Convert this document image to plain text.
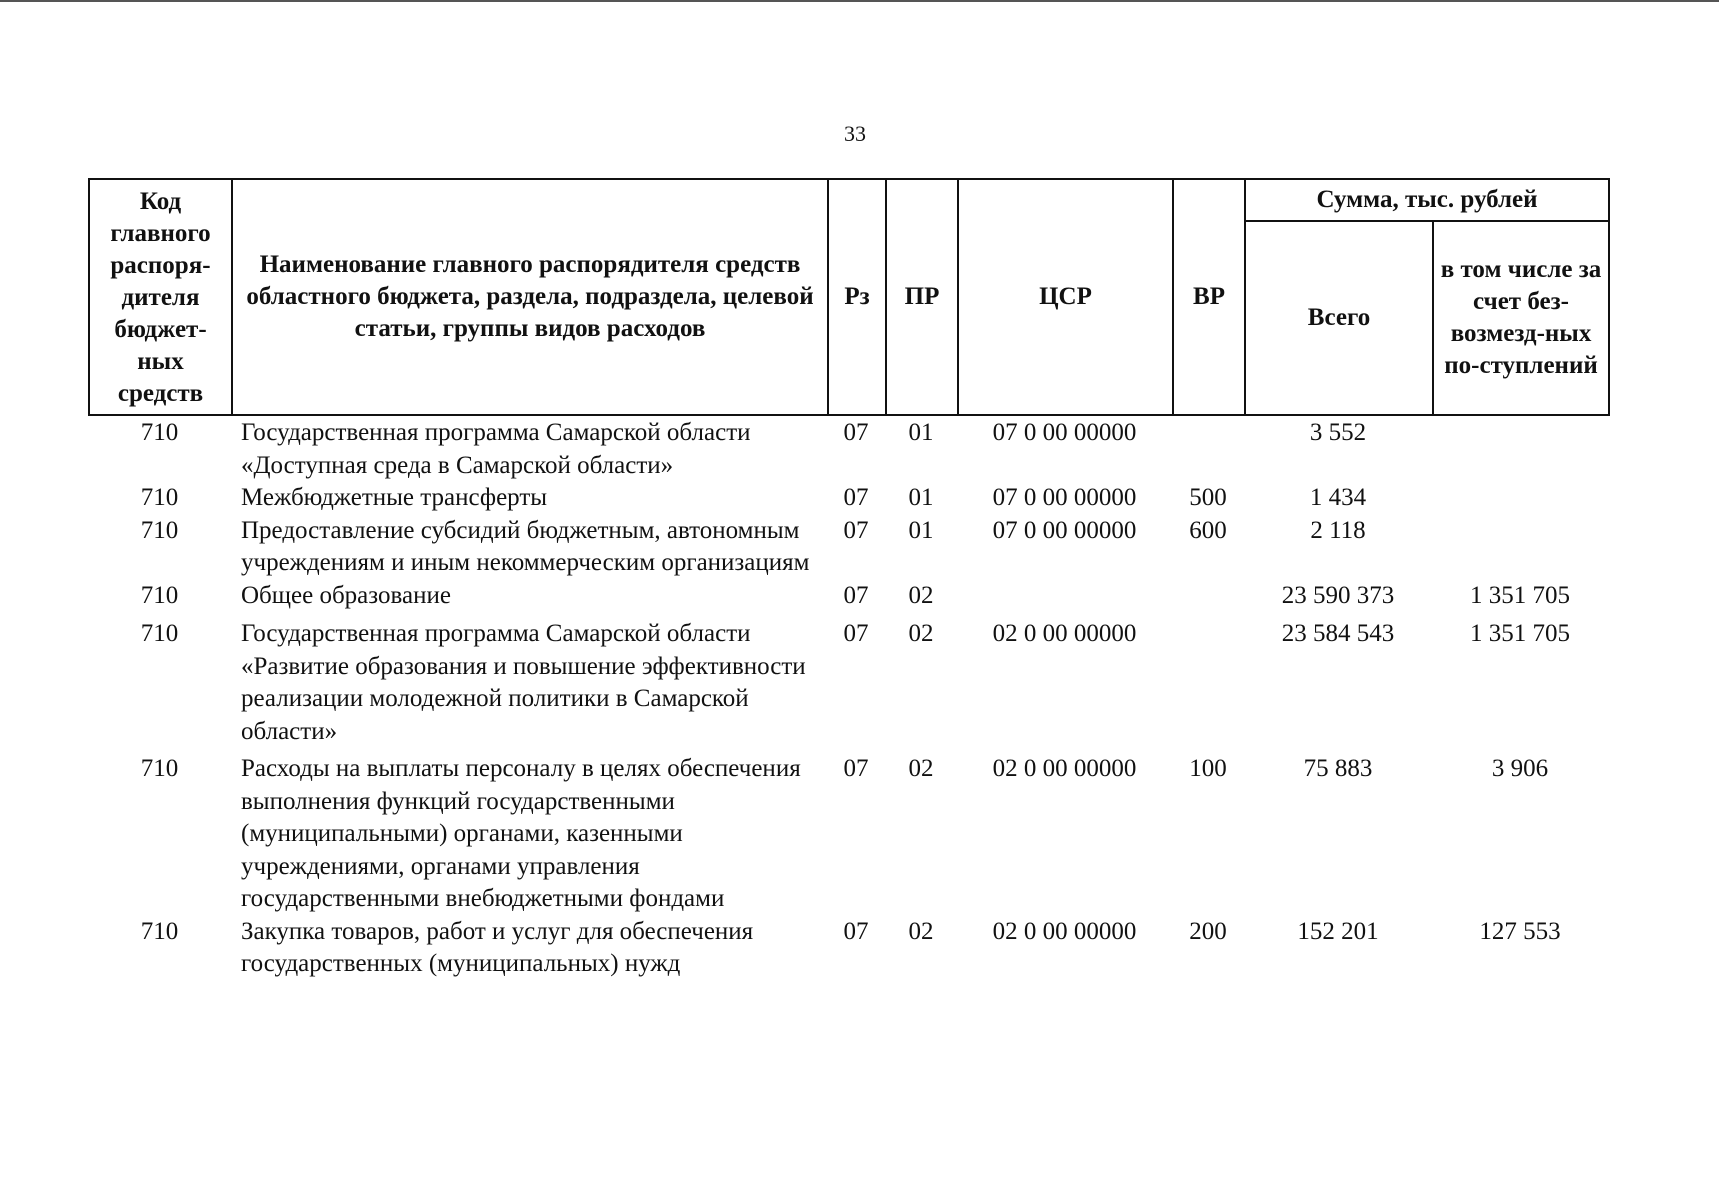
33
Код главного распоря-дителя бюджет-ных средств	Наименование главного распорядителя средств областного бюджета, раздела, подраздела, целевой статьи, группы видов расходов	Рз	ПР	ЦСР	ВР	Сумма, тыс. рублей	
						Всего	в том числе за счет без-возмезд-ных по-ступлений
710	Государственная программа Самарской области «Доступная среда в Самарской области»	07	01	07 0 00 00000		3 552	
710	Межбюджетные трансферты	07	01	07 0 00 00000	500	1 434	
710	Предоставление субсидий бюджетным, автономным учреждениям и иным некоммерческим организациям	07	01	07 0 00 00000	600	2 118	
710	Общее образование	07	02			23 590 373	1 351 705
710	Государственная программа Самарской области «Развитие образования и повышение эффективности реализации молодежной политики в Самарской области»	07	02	02 0 00 00000		23 584 543	1 351 705
710	Расходы на выплаты персоналу в целях обеспечения выполнения функций государственными (муниципальными) органами, казенными учреждениями, органами управления государственными внебюджетными фондами	07	02	02 0 00 00000	100	75 883	3 906
710	Закупка товаров, работ и услуг для обеспечения государственных (муниципальных) нужд	07	02	02 0 00 00000	200	152 201	127 553
